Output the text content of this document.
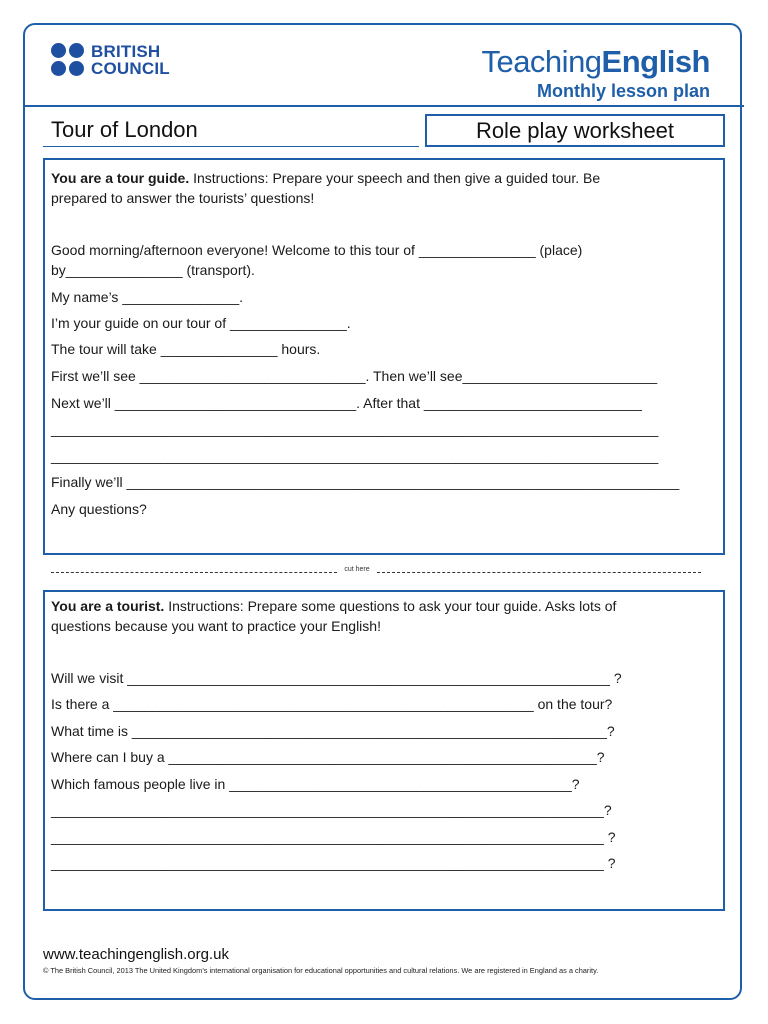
BRITISH
COUNCIL	TeachingEnglish
Monthly lesson plan
Tour of London	Role play worksheet
You are a tour guide. Instructions: Prepare your speech and then give a guided tour. Be
prepared to answer the tourists’ questions!
Good morning/afternoon everyone! Welcome to this tour of _______________ (place)
by_______________ (transport).
My name’s _______________.
I’m your guide on our tour of _______________.
The tour will take _______________ hours.
First we’ll see _____________________________. Then we’ll see_________________________
Next we’ll _______________________________. After that ____________________________
______________________________________________________________________________
______________________________________________________________________________
Finally we’ll _______________________________________________________________________
Any questions?
cut here
You are a tourist. Instructions: Prepare some questions to ask your tour guide. Asks lots of
questions because you want to practice your English!
Will we visit ______________________________________________________________ ?
Is there a ______________________________________________________ on the tour?
What time is _____________________________________________________________?
Where can I buy a _______________________________________________________?
Which famous people live in ____________________________________________?
_______________________________________________________________________?
_______________________________________________________________________ ?
_______________________________________________________________________ ?
www.teachingenglish.org.uk
© The British Council, 2013 The United Kingdom’s international organisation for educational opportunities and cultural relations. We are registered in England as a charity.
